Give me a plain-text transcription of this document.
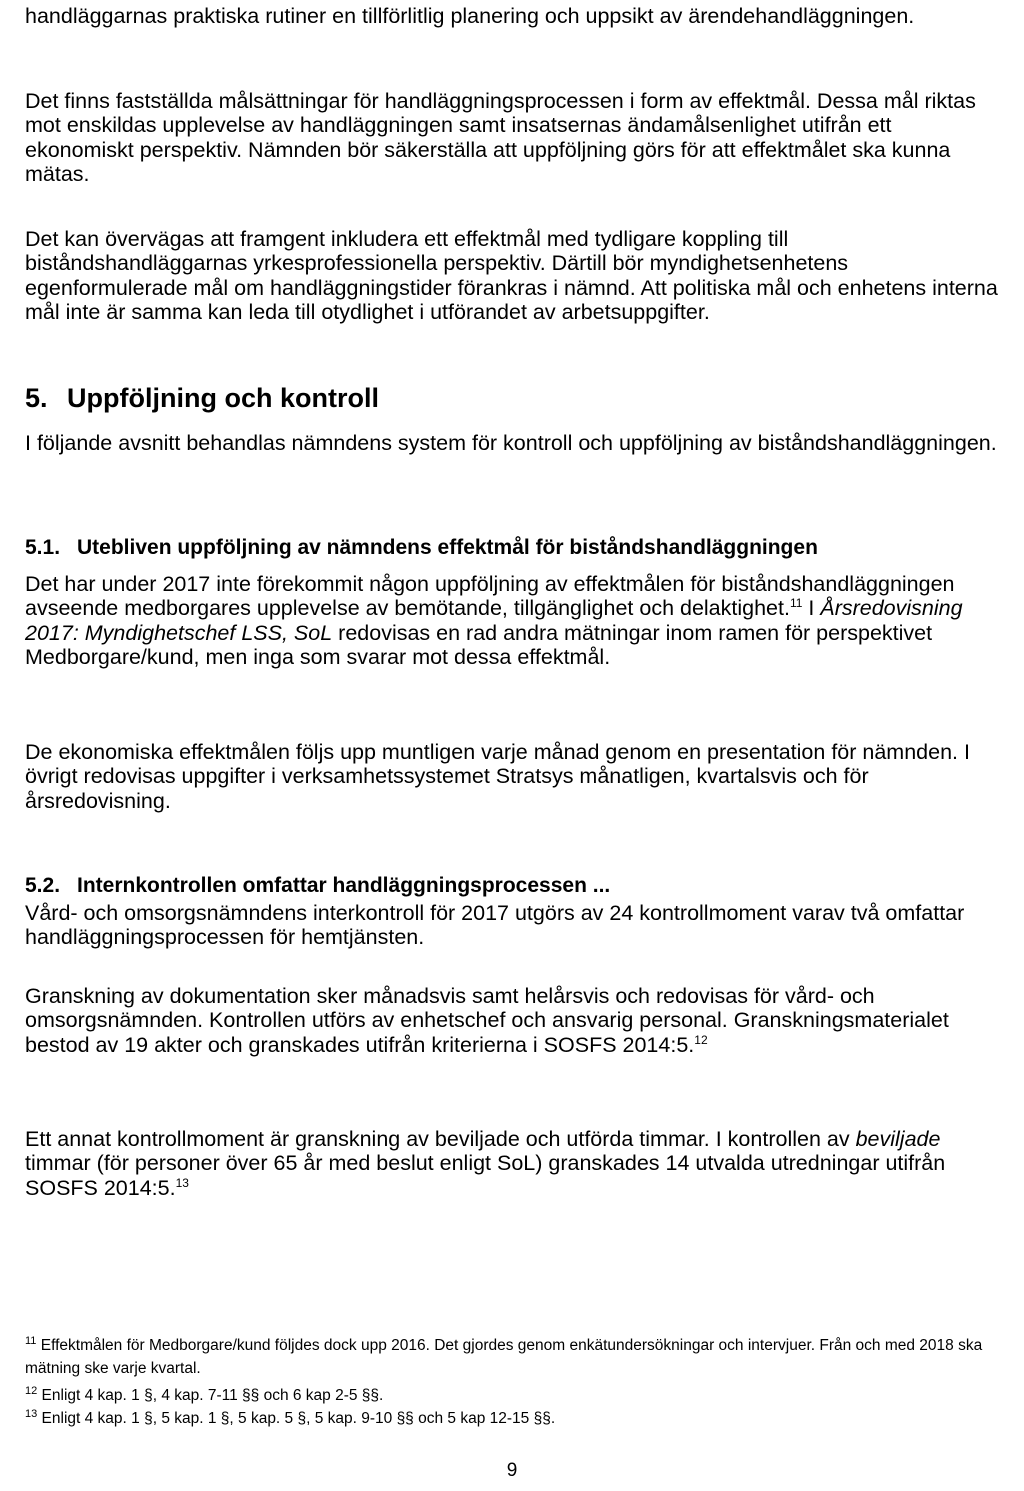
handläggarnas praktiska rutiner en tillförlitlig planering och uppsikt av ärendehandläggningen.

Det finns fastställda målsättningar för handläggningsprocessen i form av effektmål. Dessa mål riktas mot enskildas upplevelse av handläggningen samt insatsernas ändamålsenlighet utifrån ett ekonomiskt perspektiv. Nämnden bör säkerställa att uppföljning görs för att effektmålet ska kunna mätas.

Det kan övervägas att framgent inkludera ett effektmål med tydligare koppling till biståndshandläggarnas yrkesprofessionella perspektiv. Därtill bör myndighetsenhetens egenformulerade mål om handläggningstider förankras i nämnd. Att politiska mål och enhetens interna mål inte är samma kan leda till otydlighet i utförandet av arbetsuppgifter.

5. Uppföljning och kontroll

I följande avsnitt behandlas nämndens system för kontroll och uppföljning av biståndshandläggningen.

5.1. Utebliven uppföljning av nämndens effektmål för biståndshandläggningen

Det har under 2017 inte förekommit någon uppföljning av effektmålen för biståndshandläggningen avseende medborgares upplevelse av bemötande, tillgänglighet och delaktighet.$^{11}$ I Årsredovisning 2017: Myndighetschef LSS, SoL redovisas en rad andra mätningar inom ramen för perspektivet Medborgare/kund, men inga som svarar mot dessa effektmål.

De ekonomiska effektmålen följs upp muntligen varje månad genom en presentation för nämnden. I övrigt redovisas uppgifter i verksamhetssystemet Stratsys månatligen, kvartalsvis och för årsredovisning.

5.2. Internkontrollen omfattar handläggningsprocessen ...

Vård- och omsorgsnämndens interkontroll för 2017 utgörs av 24 kontrollmoment varav två omfattar handläggningsprocessen för hemtjänsten.

Granskning av dokumentation sker månadsvis samt helårsvis och redovisas för vård- och omsorgsnämnden. Kontrollen utförs av enhetschef och ansvarig personal. Granskningsmaterialet bestod av 19 akter och granskades utifrån kriterierna i SOSFS 2014:5.12

Ett annat kontrollmoment är granskning av beviljade och utförda timmar. I kontrollen av beviljade timmar (för personer över 65 år med beslut enligt SoL) granskades 14 utvalda utredningar utifrån SOSFS 2014:5.13

$^{11}$ Effektmålen för Medborgare/kund följdes dock upp 2016. Det gjordes genom enkätundersökningar och intervjuer. Från och med 2018 ska mätning ske varje kvartal.

$^{12}$ Enligt 4 kap. 1 §, 4 kap. 7-11 §§ och 6 kap 2-5 §§.

$^{13}$ Enligt 4 kap. 1 §, 5 kap. 1 §, 5 kap. 5 §, 5 kap. 9-10 §§ och 5 kap 12-15 §§.

9
